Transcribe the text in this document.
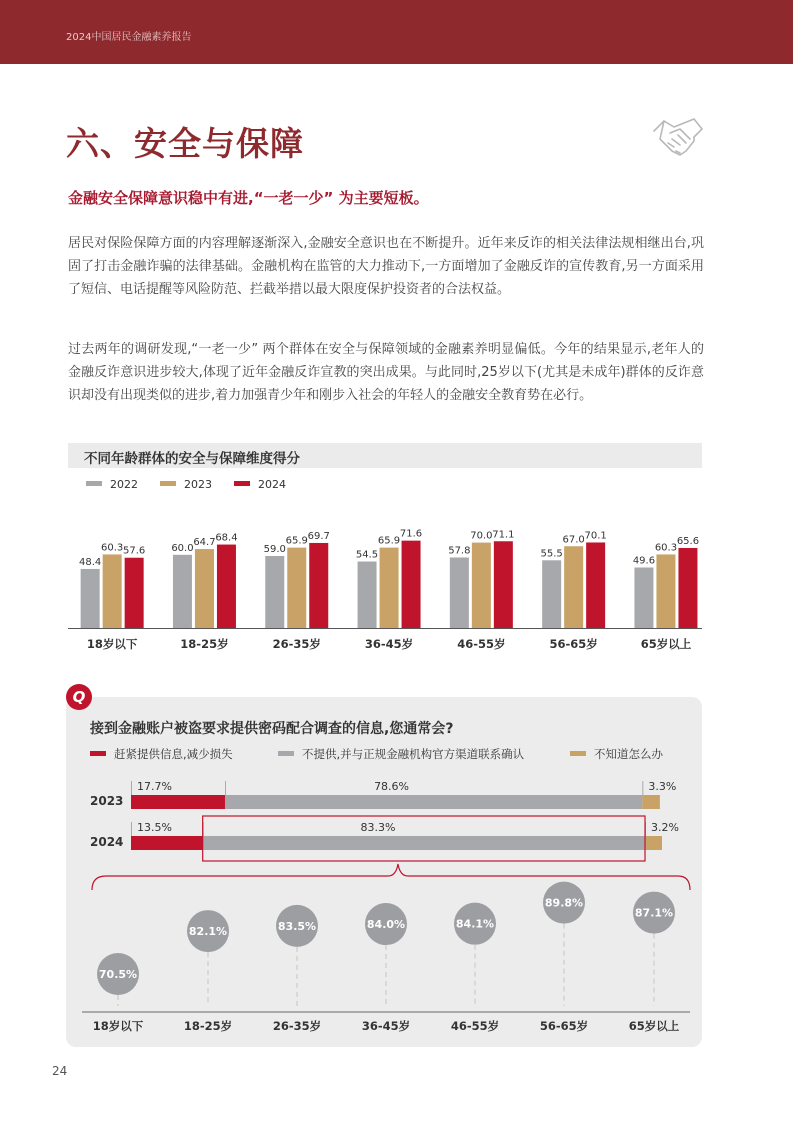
2024中国居民金融素养报告
六、安全与保障
金融安全保障意识稳中有进,“一老一少” 为主要短板。
居民对保险保障方面的内容理解逐渐深入,金融安全意识也在不断提升。近年来反诈的相关法律法规相继出台,巩固了打击金融诈骗的法律基础。金融机构在监管的大力推动下,一方面增加了金融反诈的宣传教育,另一方面采用了短信、电话提醒等风险防范、拦截举措以最大限度保护投资者的合法权益。
过去两年的调研发现,“一老一少” 两个群体在安全与保障领域的金融素养明显偏低。今年的结果显示,老年人的金融反诈意识进步较大,体现了近年金融反诈宣教的突出成果。与此同时,25岁以下(尤其是未成年)群体的反诈意识却没有出现类似的进步,着力加强青少年和刚步入社会的年轻人的金融安全教育势在必行。
不同年龄群体的安全与保障维度得分
2022	2023	2024
48.4
60.3 57.6
18岁以下
60.0
64.7 68.4
18-25岁
59.0
65.9 69.7
26-35岁
54.5
65.9
71.6
36-45岁
57.8
70.0 71.1
46-55岁
55.5
67.0 70.1
56-65岁
49.6
60.3
65.6
65岁以上
Q
接到金融账户被盗要求提供密码配合调查的信息,您通常会?
赶紧提供信息,减少损失	不提供,并与正规金融机构官方渠道联系确认	不知道怎么办
2023
17.7%	78.6%	3.3%
2024
13.5%	83.3%	3.2%
70.5%
18岁以下
82.1%
18-25岁
83.5%
26-35岁
84.0%
36-45岁
84.1%
46-55岁
89.8%
56-65岁
87.1%
65岁以上
24
